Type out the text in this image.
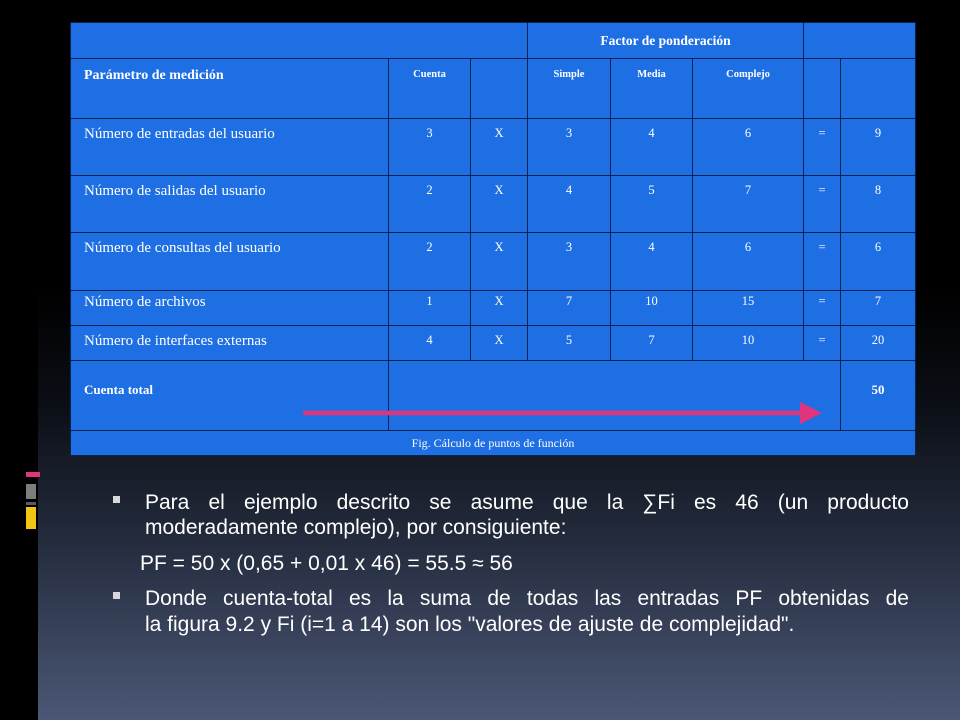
			Factor de ponderación				
Parámetro de medición	Cuenta		Simple	Media	Complejo		
Número de entradas del usuario	3	X	3	4	6	=	9
Número de salidas del usuario	2	X	4	5	7	=	8
Número de consultas del usuario	2	X	3	4	6	=	6
Número de archivos	1	X	7	10	15	=	7
Número de interfaces externas	4	X	5	7	10	=	20
Cuenta total							50
Fig. Cálculo de puntos de función							
Para el ejemplo descrito se asume que la ∑Fi es 46 (un producto
moderadamente complejo), por consiguiente:
PF = 50 x (0,65 + 0,01 x 46) = 55.5 ≈ 56
Donde cuenta-total es la suma de todas las entradas PF obtenidas de
la figura 9.2 y Fi (i=1 a 14) son los "valores de ajuste de complejidad".
